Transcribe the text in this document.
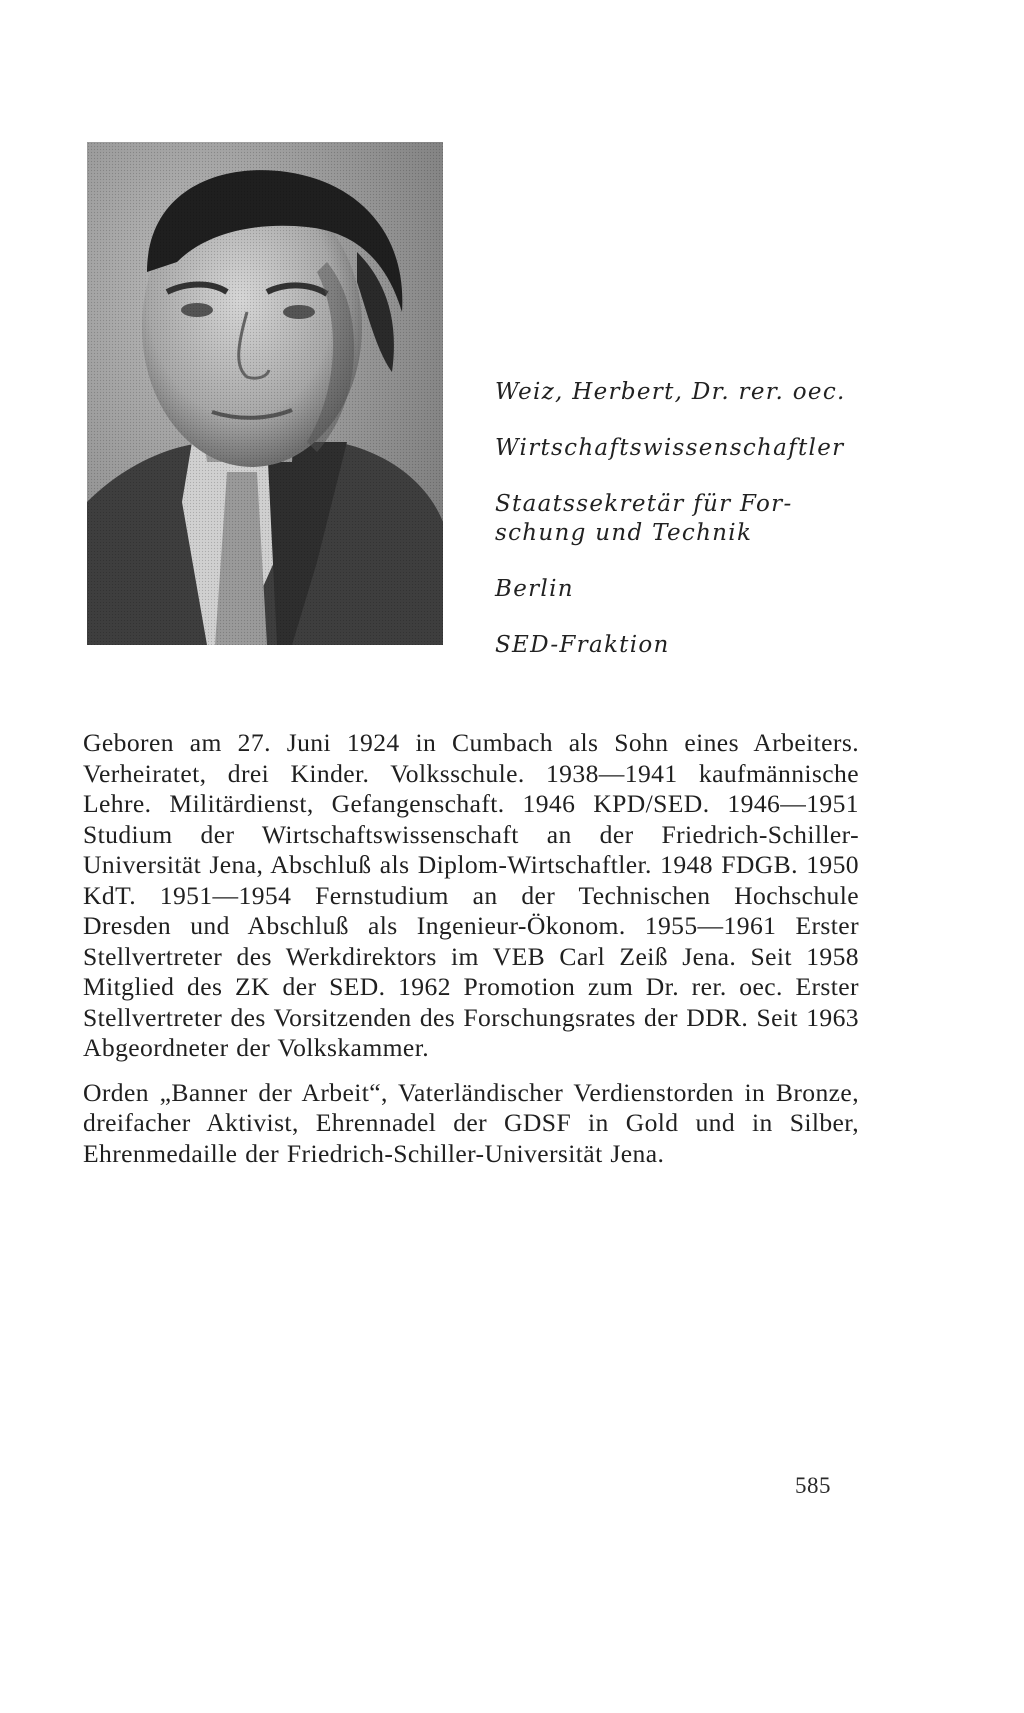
Weiz, Herbert, Dr. rer. oec.
Wirtschaftswissenschaftler
Staatssekretär für For-
schung und Technik
Berlin
SED-Fraktion

Geboren am 27. Juni 1924 in Cumbach als Sohn eines Arbeiters. Verheiratet, drei Kinder. Volksschule. 1938—1941 kaufmännische Lehre. Militärdienst, Gefangenschaft. 1946 KPD/SED. 1946—1951 Studium der Wirtschaftswissenschaft an der Friedrich-Schiller-Universität Jena, Abschluß als Diplom-Wirtschaftler. 1948 FDGB. 1950 KdT. 1951—1954 Fernstudium an der Technischen Hochschule Dresden und Abschluß als Ingenieur-Ökonom. 1955—1961 Erster Stellvertreter des Werkdirektors im VEB Carl Zeiß Jena. Seit 1958 Mitglied des ZK der SED. 1962 Promotion zum Dr. rer. oec. Erster Stellvertreter des Vorsitzenden des Forschungsrates der DDR. Seit 1963 Abgeordneter der Volkskammer.

Orden „Banner der Arbeit“, Vaterländischer Verdienstorden in Bronze, dreifacher Aktivist, Ehrennadel der GDSF in Gold und in Silber, Ehrenmedaille der Friedrich-Schiller-Universität Jena.

585
